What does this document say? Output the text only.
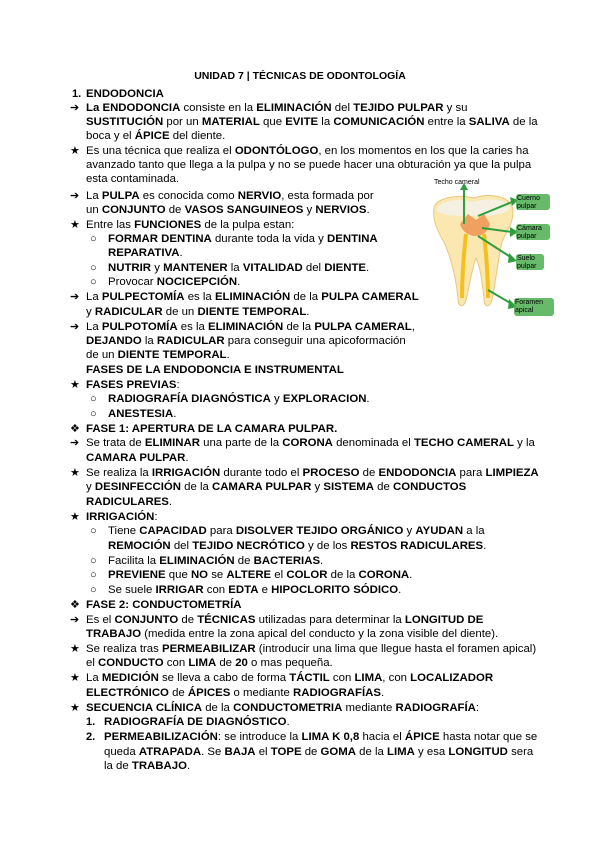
UNIDAD 7 | TÉCNICAS DE ODONTOLOGÍA
1. ENDODONCIA
➔ La ENDODONCIA consiste en la ELIMINACIÓN del TEJIDO PULPAR y su
SUSTITUCIÓN por un MATERIAL que EVITE la COMUNICACIÓN entre la SALIVA de la
boca y el ÁPICE del diente.
★ Es una técnica que realiza el ODONTÓLOGO, en los momentos en los que la caries ha
avanzado tanto que llega a la pulpa y no se puede hacer una obturación ya que la pulpa
esta contaminada.
➔ La PULPA es conocida como NERVIO, esta formada por
un CONJUNTO de VASOS SANGUINEOS y NERVIOS.
★ Entre las FUNCIONES de la pulpa estan:
○ FORMAR DENTINA durante toda la vida y DENTINA
REPARATIVA.
○ NUTRIR y MANTENER la VITALIDAD del DIENTE.
○ Provocar NOCICEPCIÓN.
➔ La PULPECTOMÍA es la ELIMINACIÓN de la PULPA CAMERAL
y RADICULAR de un DIENTE TEMPORAL.
➔ La PULPOTOMÍA es la ELIMINACIÓN de la PULPA CAMERAL,
DEJANDO la RADICULAR para conseguir una apicoformación
de un DIENTE TEMPORAL.
FASES DE LA ENDODONCIA E INSTRUMENTAL
★ FASES PREVIAS:
○ RADIOGRAFÍA DIAGNÓSTICA y EXPLORACION.
○ ANESTESIA.
❖ FASE 1: APERTURA DE LA CAMARA PULPAR.
➔ Se trata de ELIMINAR una parte de la CORONA denominada el TECHO CAMERAL y la
CAMARA PULPAR.
★ Se realiza la IRRIGACIÓN durante todo el PROCESO de ENDODONCIA para LIMPIEZA
y DESINFECCIÓN de la CAMARA PULPAR y SISTEMA de CONDUCTOS
RADICULARES.
★ IRRIGACIÓN:
○ Tiene CAPACIDAD para DISOLVER TEJIDO ORGÁNICO y AYUDAN a la
REMOCIÓN del TEJIDO NECRÓTICO y de los RESTOS RADICULARES.
○ Facilita la ELIMINACIÓN de BACTERIAS.
○ PREVIENE que NO se ALTERE el COLOR de la CORONA.
○ Se suele IRRIGAR con EDTA e HIPOCLORITO SÓDICO.
❖ FASE 2: CONDUCTOMETRÍA
➔ Es el CONJUNTO de TÉCNICAS utilizadas para determinar la LONGITUD DE
TRABAJO (medida entre la zona apical del conducto y la zona visible del diente).
★ Se realiza tras PERMEABILIZAR (introducir una lima que llegue hasta el foramen apical)
el CONDUCTO con LIMA de 20 o mas pequeña.
★ La MEDICIÓN se lleva a cabo de forma TÁCTIL con LIMA, con LOCALIZADOR
ELECTRÓNICO de ÁPICES o mediante RADIOGRAFÍAS.
★ SECUENCIA CLÍNICA de la CONDUCTOMETRIA mediante RADIOGRAFÍA:
1. RADIOGRAFÍA DE DIAGNÓSTICO.
2. PERMEABILIZACIÓN: se introduce la LIMA K 0,8 hacia el ÁPICE hasta notar que se
queda ATRAPADA. Se BAJA el TOPE de GOMA de la LIMA y esa LONGITUD sera
la de TRABAJO.
Techo cameral
Cuerno pulpar
Cámara pulpar
Suelo pulpar
Foramen apical
